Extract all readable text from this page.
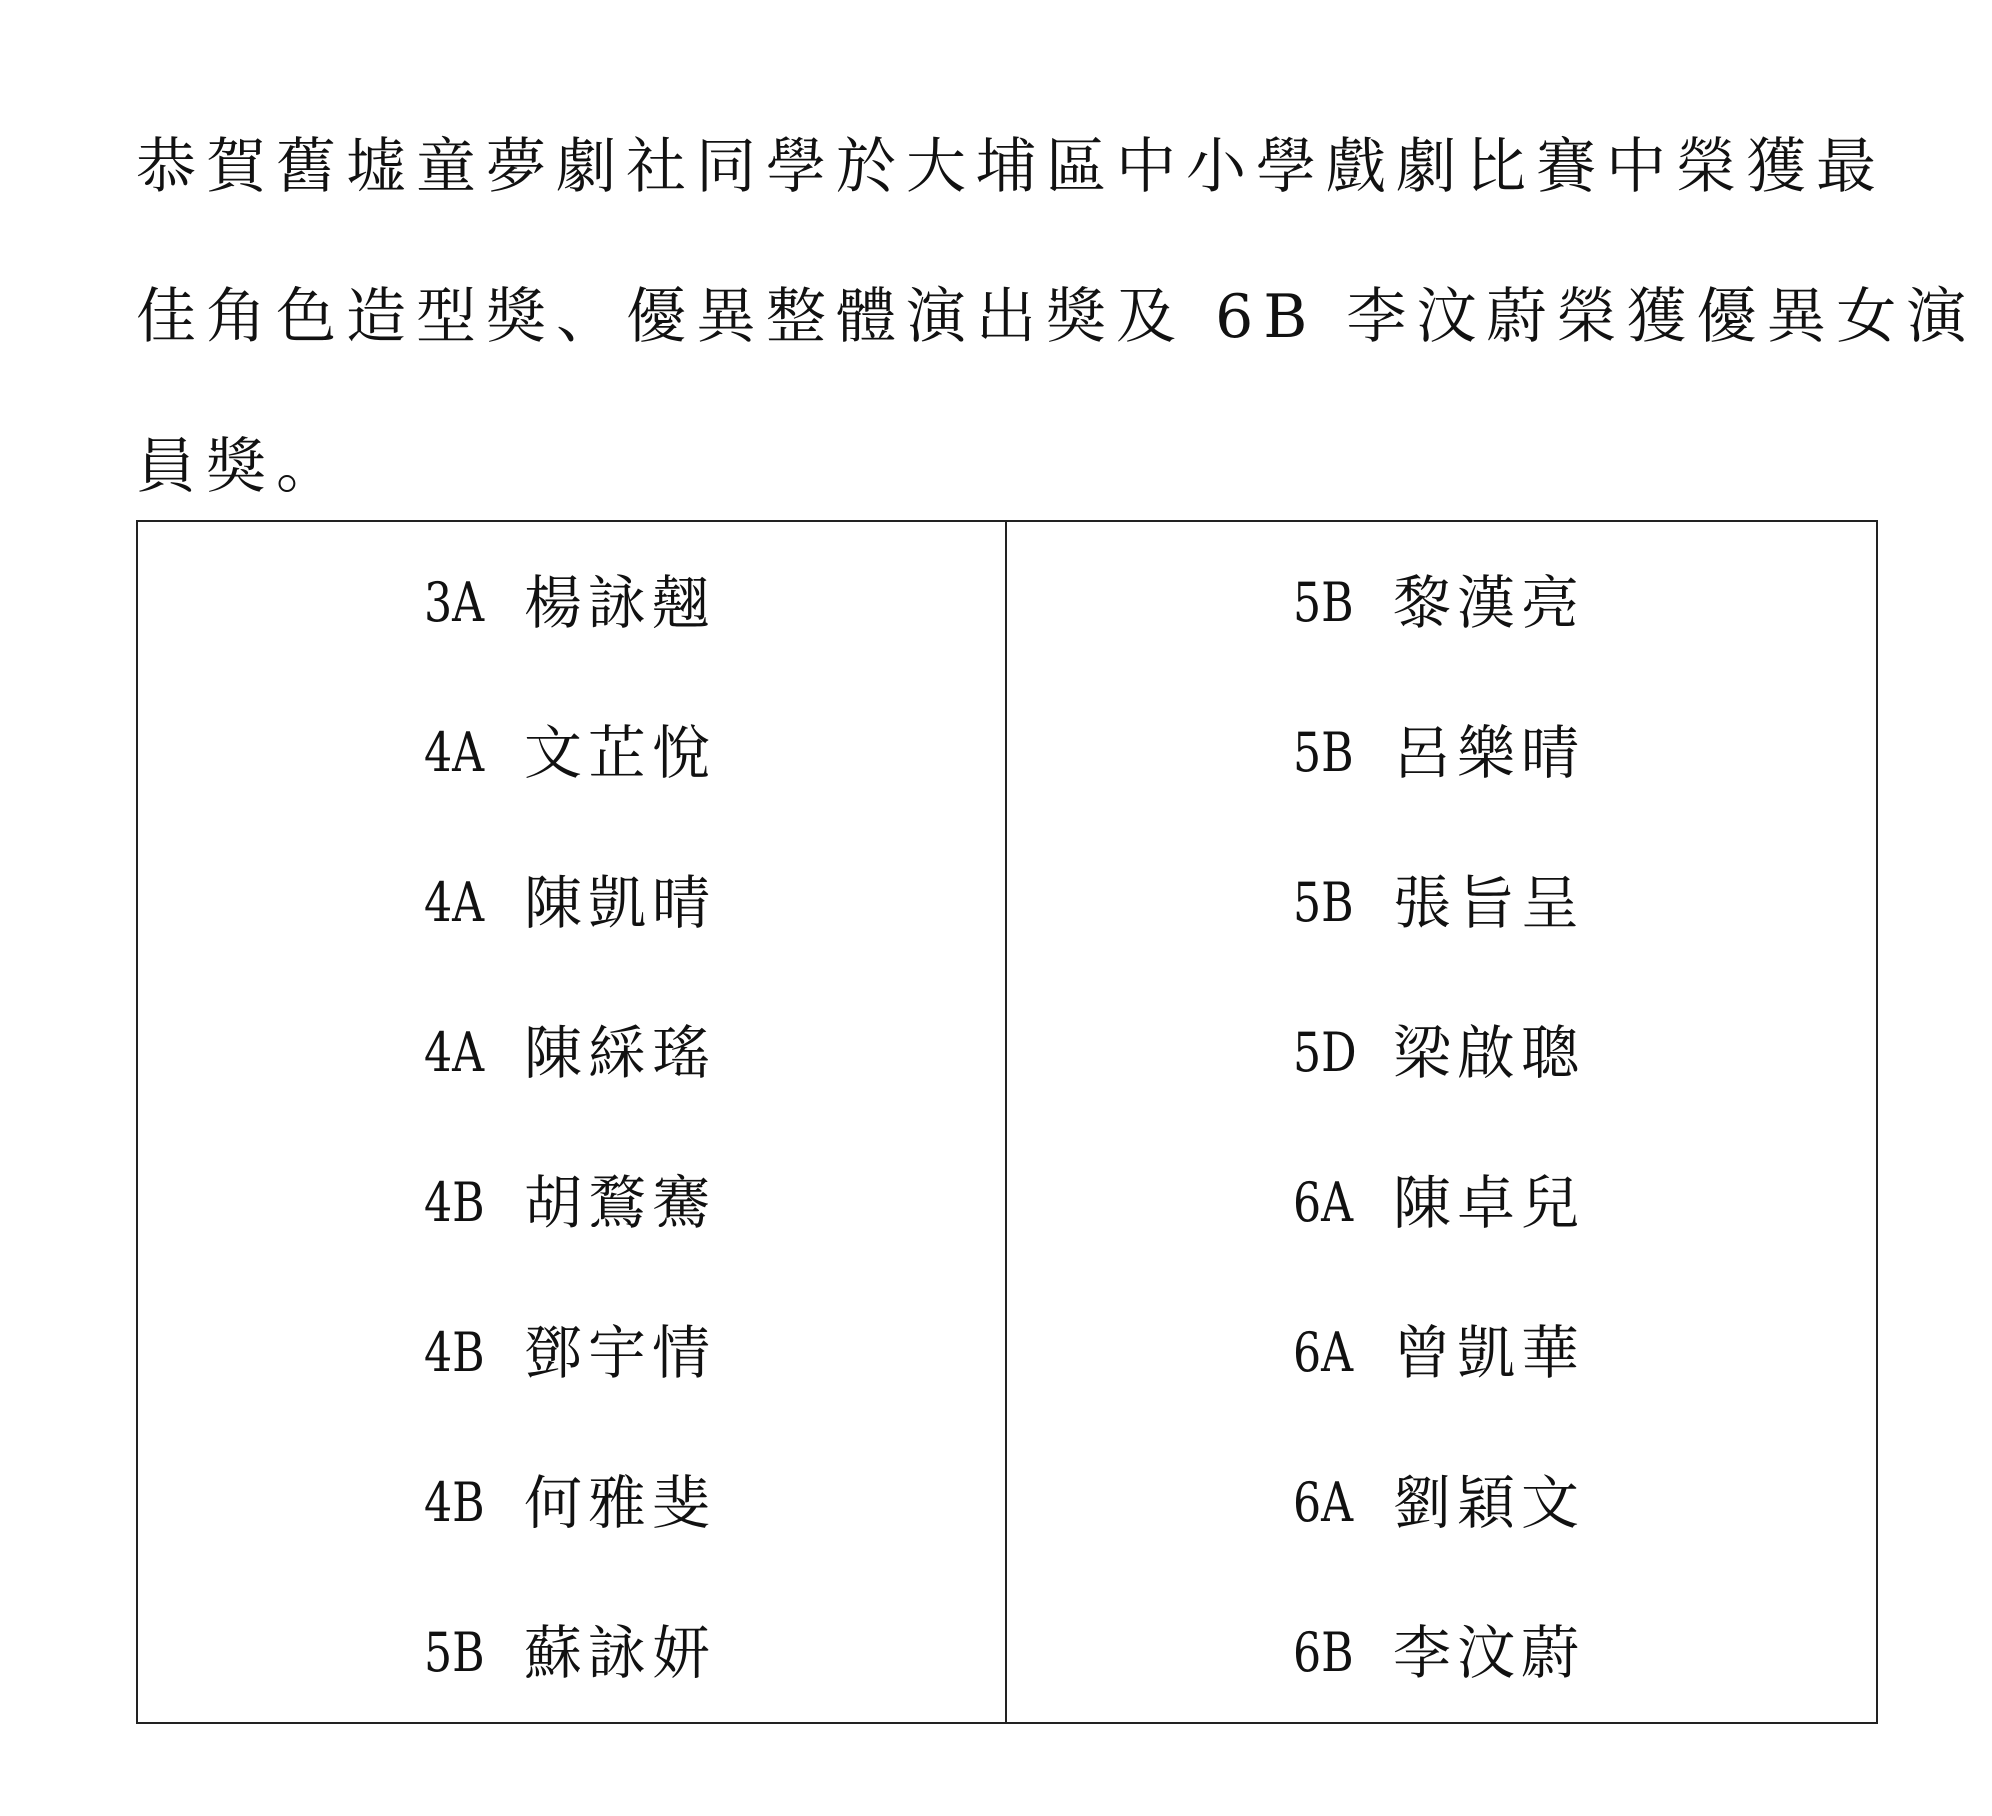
恭賀舊墟童夢劇社同學於大埔區中小學戲劇比賽中榮獲最
佳角色造型獎、優異整體演出獎及 6B 李汶蔚榮獲優異女演
員獎。

3A 楊詠翹
4A 文芷悅
4A 陳凱晴
4A 陳綵瑤
4B 胡鶩騫
4B 鄧宇情
4B 何雅斐
5B 蘇詠妍
5B 黎漢亮
5B 呂樂晴
5B 張旨呈
5D 梁啟聰
6A 陳卓兒
6A 曾凱華
6A 劉穎文
6B 李汶蔚
